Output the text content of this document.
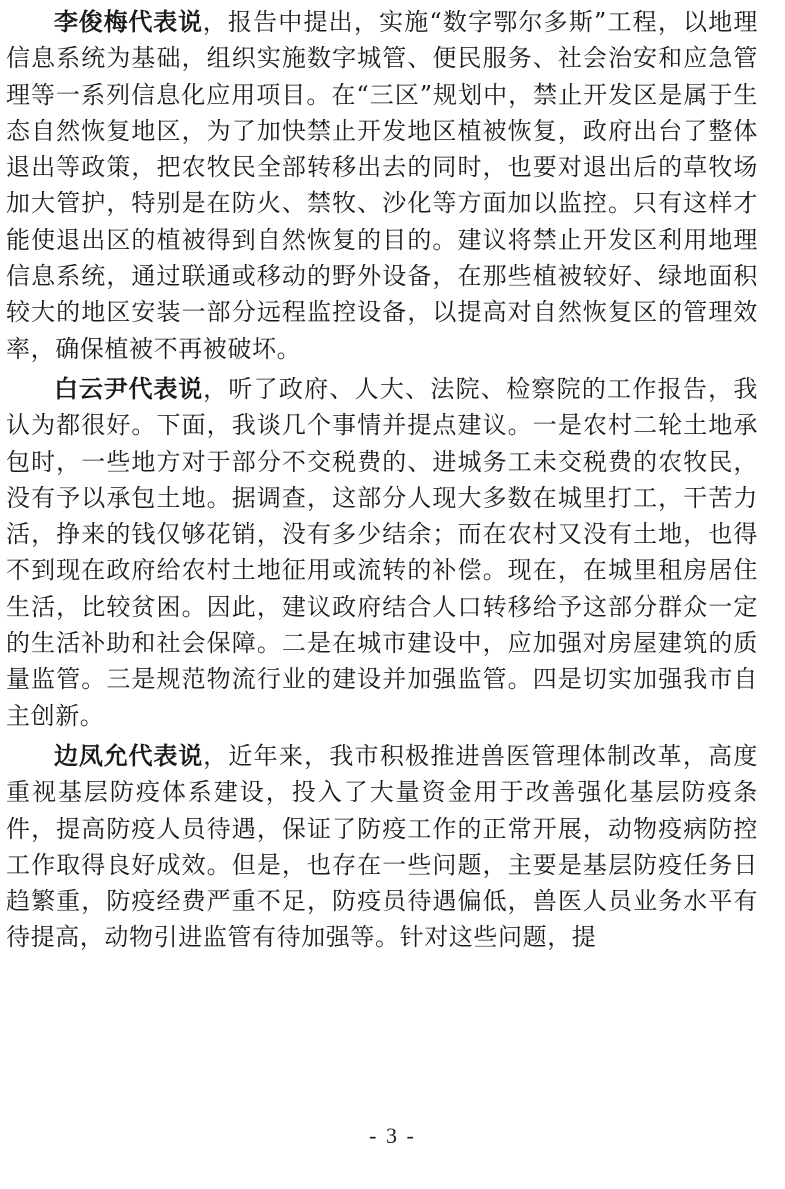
李俊梅代表说，报告中提出，实施“数字鄂尔多斯”工程，以地理信息系统为基础，组织实施数字城管、便民服务、社会治安和应急管理等一系列信息化应用项目。在“三区”规划中，禁止开发区是属于生态自然恢复地区，为了加快禁止开发地区植被恢复，政府出台了整体退出等政策，把农牧民全部转移出去的同时，也要对退出后的草牧场加大管护，特别是在防火、禁牧、沙化等方面加以监控。只有这样才能使退出区的植被得到自然恢复的目的。建议将禁止开发区利用地理信息系统，通过联通或移动的野外设备，在那些植被较好、绿地面积较大的地区安装一部分远程监控设备，以提高对自然恢复区的管理效率，确保植被不再被破坏。

白云尹代表说，听了政府、人大、法院、检察院的工作报告，我认为都很好。下面，我谈几个事情并提点建议。一是农村二轮土地承包时，一些地方对于部分不交税费的、进城务工未交税费的农牧民，没有予以承包土地。据调查，这部分人现大多数在城里打工，干苦力活，挣来的钱仅够花销，没有多少结余；而在农村又没有土地，也得不到现在政府给农村土地征用或流转的补偿。现在，在城里租房居住生活，比较贫困。因此，建议政府结合人口转移给予这部分群众一定的生活补助和社会保障。二是在城市建设中，应加强对房屋建筑的质量监管。三是规范物流行业的建设并加强监管。四是切实加强我市自主创新。

边凤允代表说，近年来，我市积极推进兽医管理体制改革，高度重视基层防疫体系建设，投入了大量资金用于改善强化基层防疫条件，提高防疫人员待遇，保证了防疫工作的正常开展，动物疫病防控工作取得良好成效。但是，也存在一些问题，主要是基层防疫任务日趋繁重，防疫经费严重不足，防疫员待遇偏低，兽医人员业务水平有待提高，动物引进监管有待加强等。针对这些问题，提

- 3 -
